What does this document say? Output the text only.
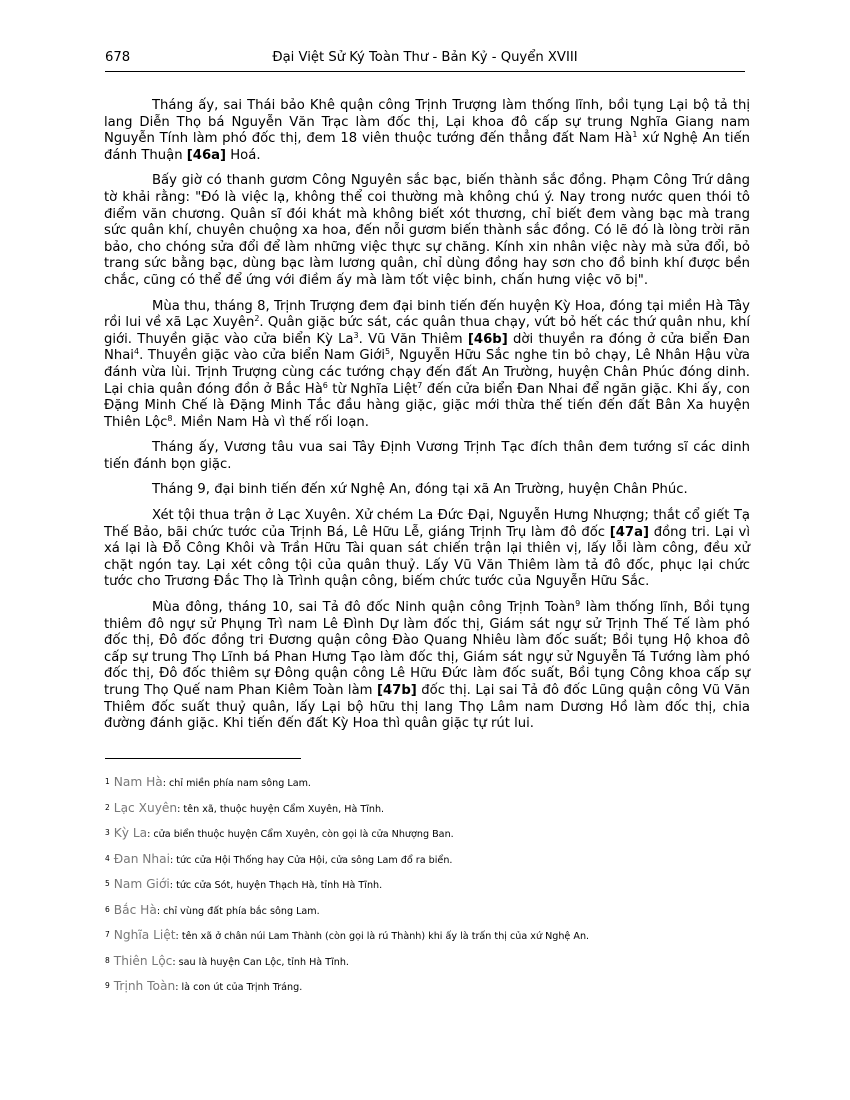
678	Đại Việt Sử Ký Toàn Thư - Bản Kỷ - Quyển XVIII

Tháng ấy, sai Thái bảo Khê quận công Trịnh Trượng làm thống lĩnh, bồi tụng Lại bộ tả thị lang Diễn Thọ bá Nguyễn Văn Trạc làm đốc thị, Lại khoa đô cấp sự trung Nghĩa Giang nam Nguyễn Tính làm phó đốc thị, đem 18 viên thuộc tướng đến thẳng đất Nam $Hà^1$ xứ Nghệ An tiến đánh Thuận [46a] Hoá.

Bấy giờ có thanh gươm Công Nguyên sắc bạc, biến thành sắc đồng. Phạm Công Trứ dâng tờ khải rằng: "Đó là việc lạ, không thể coi thường mà không chú ý. Nay trong nước quen thói tô điểm văn chương. Quân sĩ đói khát mà không biết xót thương, chỉ biết đem vàng bạc mà trang sức quân khí, chuyên chuộng xa hoa, đến nỗi gươm biến thành sắc đồng. Có lẽ đó là lòng trời răn bảo, cho chóng sửa đổi để làm những việc thực sự chăng. Kính xin nhân việc này mà sửa đổi, bỏ trang sức bằng bạc, dùng bạc làm lương quân, chỉ dùng đồng hay sơn cho đồ binh khí được bền chắc, cũng có thể để ứng với điềm ấy mà làm tốt việc binh, chấn hưng việc võ bị".

Mùa thu, tháng 8, Trịnh Trượng đem đại binh tiến đến huyện Kỳ Hoa, đóng tại miền Hà Tây rồi lui về xã Lạc Xuyên$^2$. Quân giặc bức sát, các quân thua chạy, vứt bỏ hết các thứ quân nhu, khí giới. Thuyền giặc vào cửa biển Kỳ La$^3$. Vũ Văn Thiêm [46b] dời thuyền ra đóng ở cửa biển Đan Nhai$^4$. Thuyền giặc vào cửa biển Nam Giới$^5$, Nguyễn Hữu Sắc nghe tin bỏ chạy, Lê Nhân Hậu vừa đánh vừa lùi. Trịnh Trượng cùng các tướng chạy đến đất An Trường, huyện Chân Phúc đóng dinh. Lại chia quân đóng đồn ở Bắc $Hà^6$ từ Nghĩa Liệt$^7$ đến cửa biển Đan Nhai để ngăn giặc. Khi ấy, con Đặng Minh Chế là Đặng Minh Tắc đầu hàng giặc, giặc mới thừa thế tiến đến đất Bân Xa huyện Thiên Lộc$^8$. Miền Nam Hà vì thế rối loạn.

Tháng ấy, Vương tâu vua sai Tây Định Vương Trịnh Tạc đích thân đem tướng sĩ các dinh tiến đánh bọn giặc.

Tháng 9, đại binh tiến đến xứ Nghệ An, đóng tại xã An Trường, huyện Chân Phúc.

Xét tội thua trận ở Lạc Xuyên. Xử chém La Đức Đại, Nguyễn Hưng Nhượng; thắt cổ giết Tạ Thế Bảo, bãi chức tước của Trịnh Bá, Lê Hữu Lễ, giáng Trịnh Trụ làm đô đốc [47a] đồng tri. Lại vì xá lại là Đỗ Công Khôi và Trần Hữu Tài quan sát chiến trận lại thiên vị, lấy lỗi làm công, đều xử chặt ngón tay. Lại xét công tội của quân thuỷ. Lấy Vũ Văn Thiêm làm tả đô đốc, phục lại chức tước cho Trương Đắc Thọ là Trình quận công, biếm chức tước của Nguyễn Hữu Sắc.

Mùa đông, tháng 10, sai Tả đô đốc Ninh quận công Trịnh Toàn$^9$ làm thống lĩnh, Bồi tụng thiêm đô ngự sử Phụng Trì nam Lê Đình Dự làm đốc thị, Giám sát ngự sử Trịnh Thế Tế làm phó đốc thị, Đô đốc đồng tri Đương quận công Đào Quang Nhiêu làm đốc suất; Bồi tụng Hộ khoa đô cấp sự trung Thọ Lĩnh bá Phan Hưng Tạo làm đốc thị, Giám sát ngự sử Nguyễn Tá Tướng làm phó đốc thị, Đô đốc thiêm sự Đông quận công Lê Hữu Đức làm đốc suất, Bồi tụng Công khoa cấp sự trung Thọ Quế nam Phan Kiêm Toàn làm [47b] đốc thị. Lại sai Tả đô đốc Lũng quận công Vũ Văn Thiêm đốc suất thuỷ quân, lấy Lại bộ hữu thị lang Thọ Lâm nam Dương Hồ làm đốc thị, chia đường đánh giặc. Khi tiến đến đất Kỳ Hoa thì quân giặc tự rút lui.

$^1$ Nam Hà: chỉ miền phía nam sông Lam.
$^2$ Lạc Xuyên: tên xã, thuộc huyện Cẩm Xuyên, Hà Tĩnh.
$^3$ Kỳ La: cửa biển thuộc huyện Cẩm Xuyên, còn gọi là cửa Nhượng Ban.
$^4$ Đan Nhai: tức cửa Hội Thống hay Cửa Hội, cửa sông Lam đổ ra biển.
$^5$ Nam Giới: tức cửa Sót, huyện Thạch Hà, tỉnh Hà Tĩnh.
$^6$ Bắc Hà: chỉ vùng đất phía bắc sông Lam.
$^7$ Nghĩa Liệt: tên xã ở chân núi Lam Thành (còn gọi là rú Thành) khi ấy là trấn thị của xứ Nghệ An.
$^8$ Thiên Lộc: sau là huyện Can Lộc, tỉnh Hà Tĩnh.
$^9$ Trịnh Toàn: là con út của Trịnh Tráng.
